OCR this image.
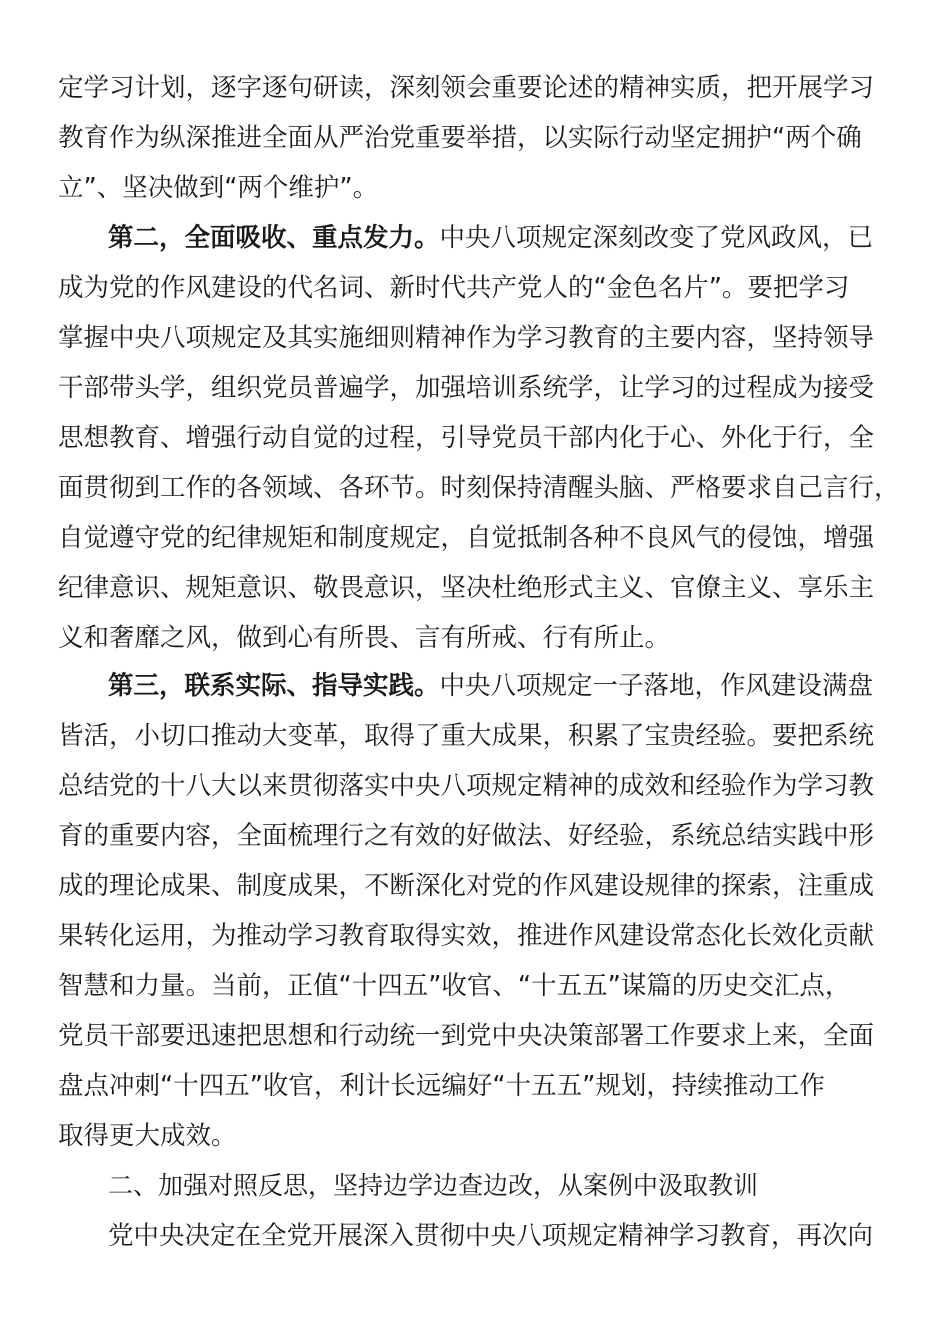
定学习计划，逐字逐句研读，深刻领会重要论述的精神实质，把开展学习
教育作为纵深推进全面从严治党重要举措，以实际行动坚定拥护“两个确
立”、坚决做到“两个维护”。
第二，全面吸收、重点发力。中央八项规定深刻改变了党风政风，已
成为党的作风建设的代名词、新时代共产党人的“金色名片”。要把学习
掌握中央八项规定及其实施细则精神作为学习教育的主要内容，坚持领导
干部带头学，组织党员普遍学，加强培训系统学，让学习的过程成为接受
思想教育、增强行动自觉的过程，引导党员干部内化于心、外化于行，全
面贯彻到工作的各领域、各环节。时刻保持清醒头脑、严格要求自己言行，
自觉遵守党的纪律规矩和制度规定，自觉抵制各种不良风气的侵蚀，增强
纪律意识、规矩意识、敬畏意识，坚决杜绝形式主义、官僚主义、享乐主
义和奢靡之风，做到心有所畏、言有所戒、行有所止。
第三，联系实际、指导实践。中央八项规定一子落地，作风建设满盘
皆活，小切口推动大变革，取得了重大成果，积累了宝贵经验。要把系统
总结党的十八大以来贯彻落实中央八项规定精神的成效和经验作为学习教
育的重要内容，全面梳理行之有效的好做法、好经验，系统总结实践中形
成的理论成果、制度成果，不断深化对党的作风建设规律的探索，注重成
果转化运用，为推动学习教育取得实效，推进作风建设常态化长效化贡献
智慧和力量。当前，正值“十四五”收官、“十五五”谋篇的历史交汇点，
党员干部要迅速把思想和行动统一到党中央决策部署工作要求上来，全面
盘点冲刺“十四五”收官，利计长远编好“十五五”规划，持续推动工作
取得更大成效。
二、加强对照反思，坚持边学边查边改，从案例中汲取教训
党中央决定在全党开展深入贯彻中央八项规定精神学习教育，再次向
